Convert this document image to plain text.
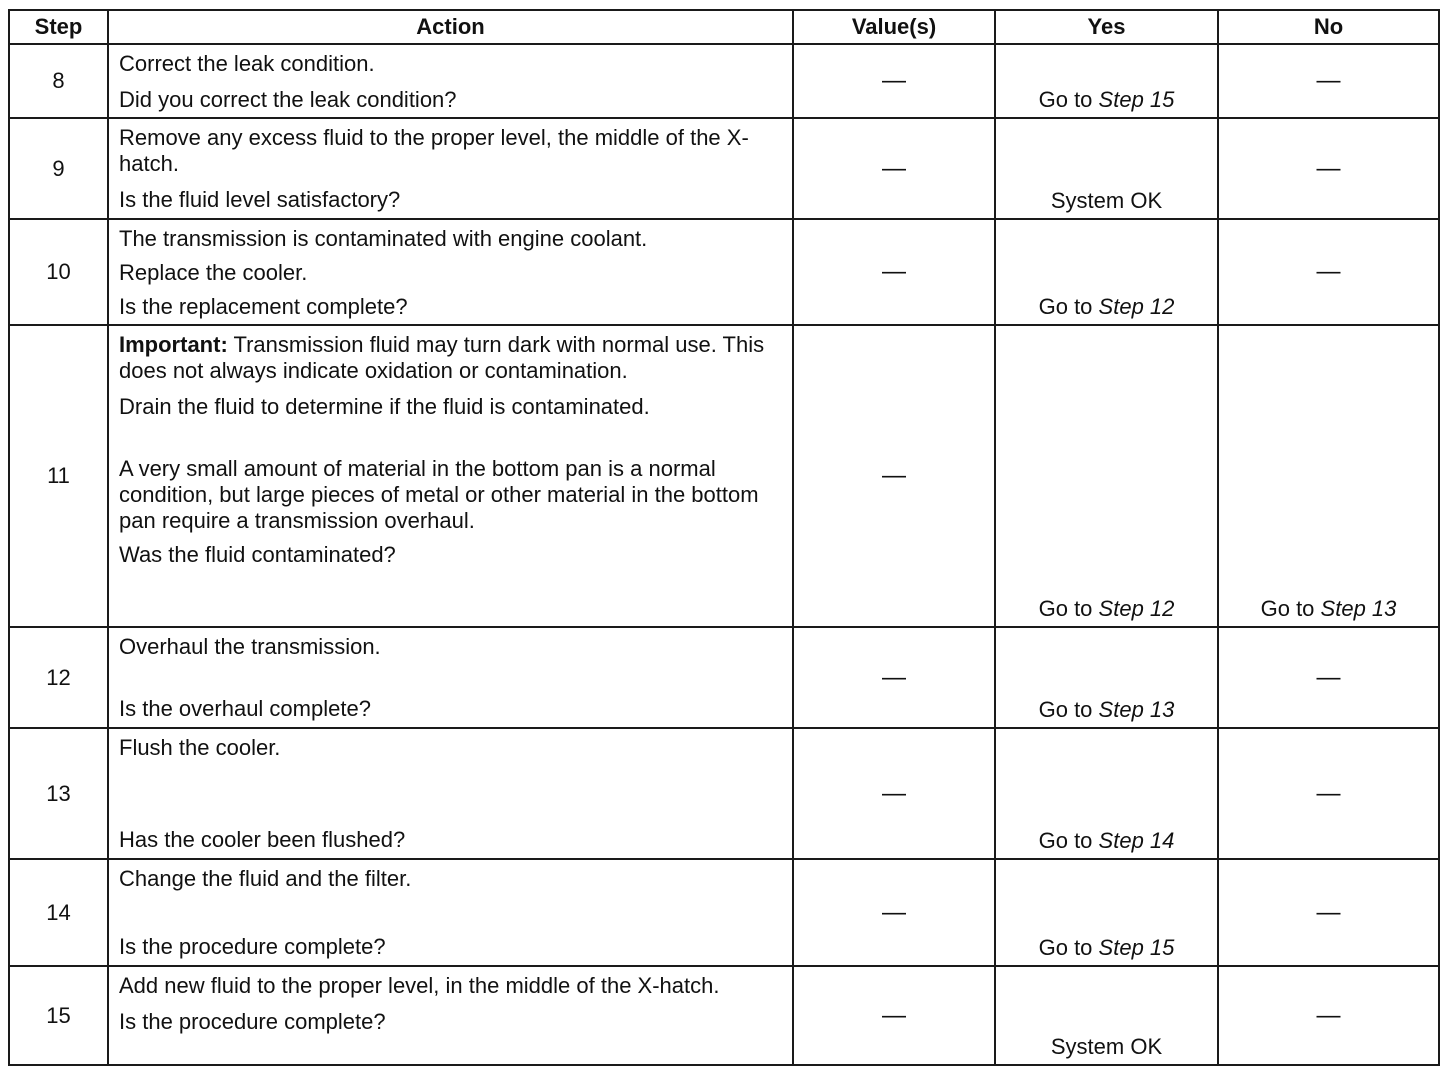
Step	Action	Value(s)	Yes	No
8	Correct the leak condition.

Did you correct the leak condition?	—	Go to Step 15	—
9	Remove any excess fluid to the proper level, the middle of the X-hatch.

Is the fluid level satisfactory?	—	System OK	—
10	The transmission is contaminated with engine coolant.

Replace the cooler.

Is the replacement complete?	—	Go to Step 12	—
11	Important: Transmission fluid may turn dark with normal use. This does not always indicate oxidation or contamination.

Drain the fluid to determine if the fluid is contaminated.

A very small amount of material in the bottom pan is a normal condition, but large pieces of metal or other material in the bottom pan require a transmission overhaul.

Was the fluid contaminated?	—	Go to Step 12	Go to Step 13
12	Overhaul the transmission.

Is the overhaul complete?	—	Go to Step 13	—
13	Flush the cooler.

Has the cooler been flushed?	—	Go to Step 14	—
14	Change the fluid and the filter.

Is the procedure complete?	—	Go to Step 15	—
15	Add new fluid to the proper level, in the middle of the X-hatch.

Is the procedure complete?	—	System OK	—
